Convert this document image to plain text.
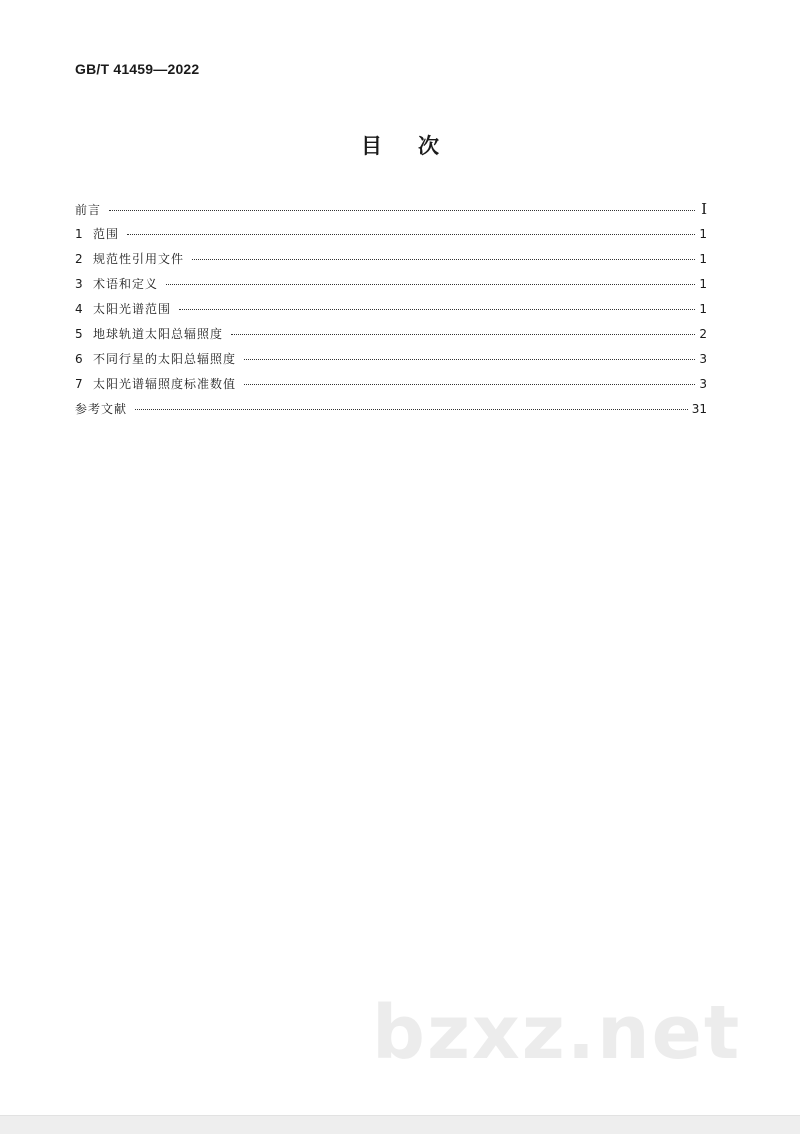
GB/T 41459—2022
目次
前言	I
1 范围	1
2 规范性引用文件	1
3 术语和定义	1
4 太阳光谱范围	1
5 地球轨道太阳总辐照度	2
6 不同行星的太阳总辐照度	3
7 太阳光谱辐照度标准数值	3
参考文献	31
bzxz.net
